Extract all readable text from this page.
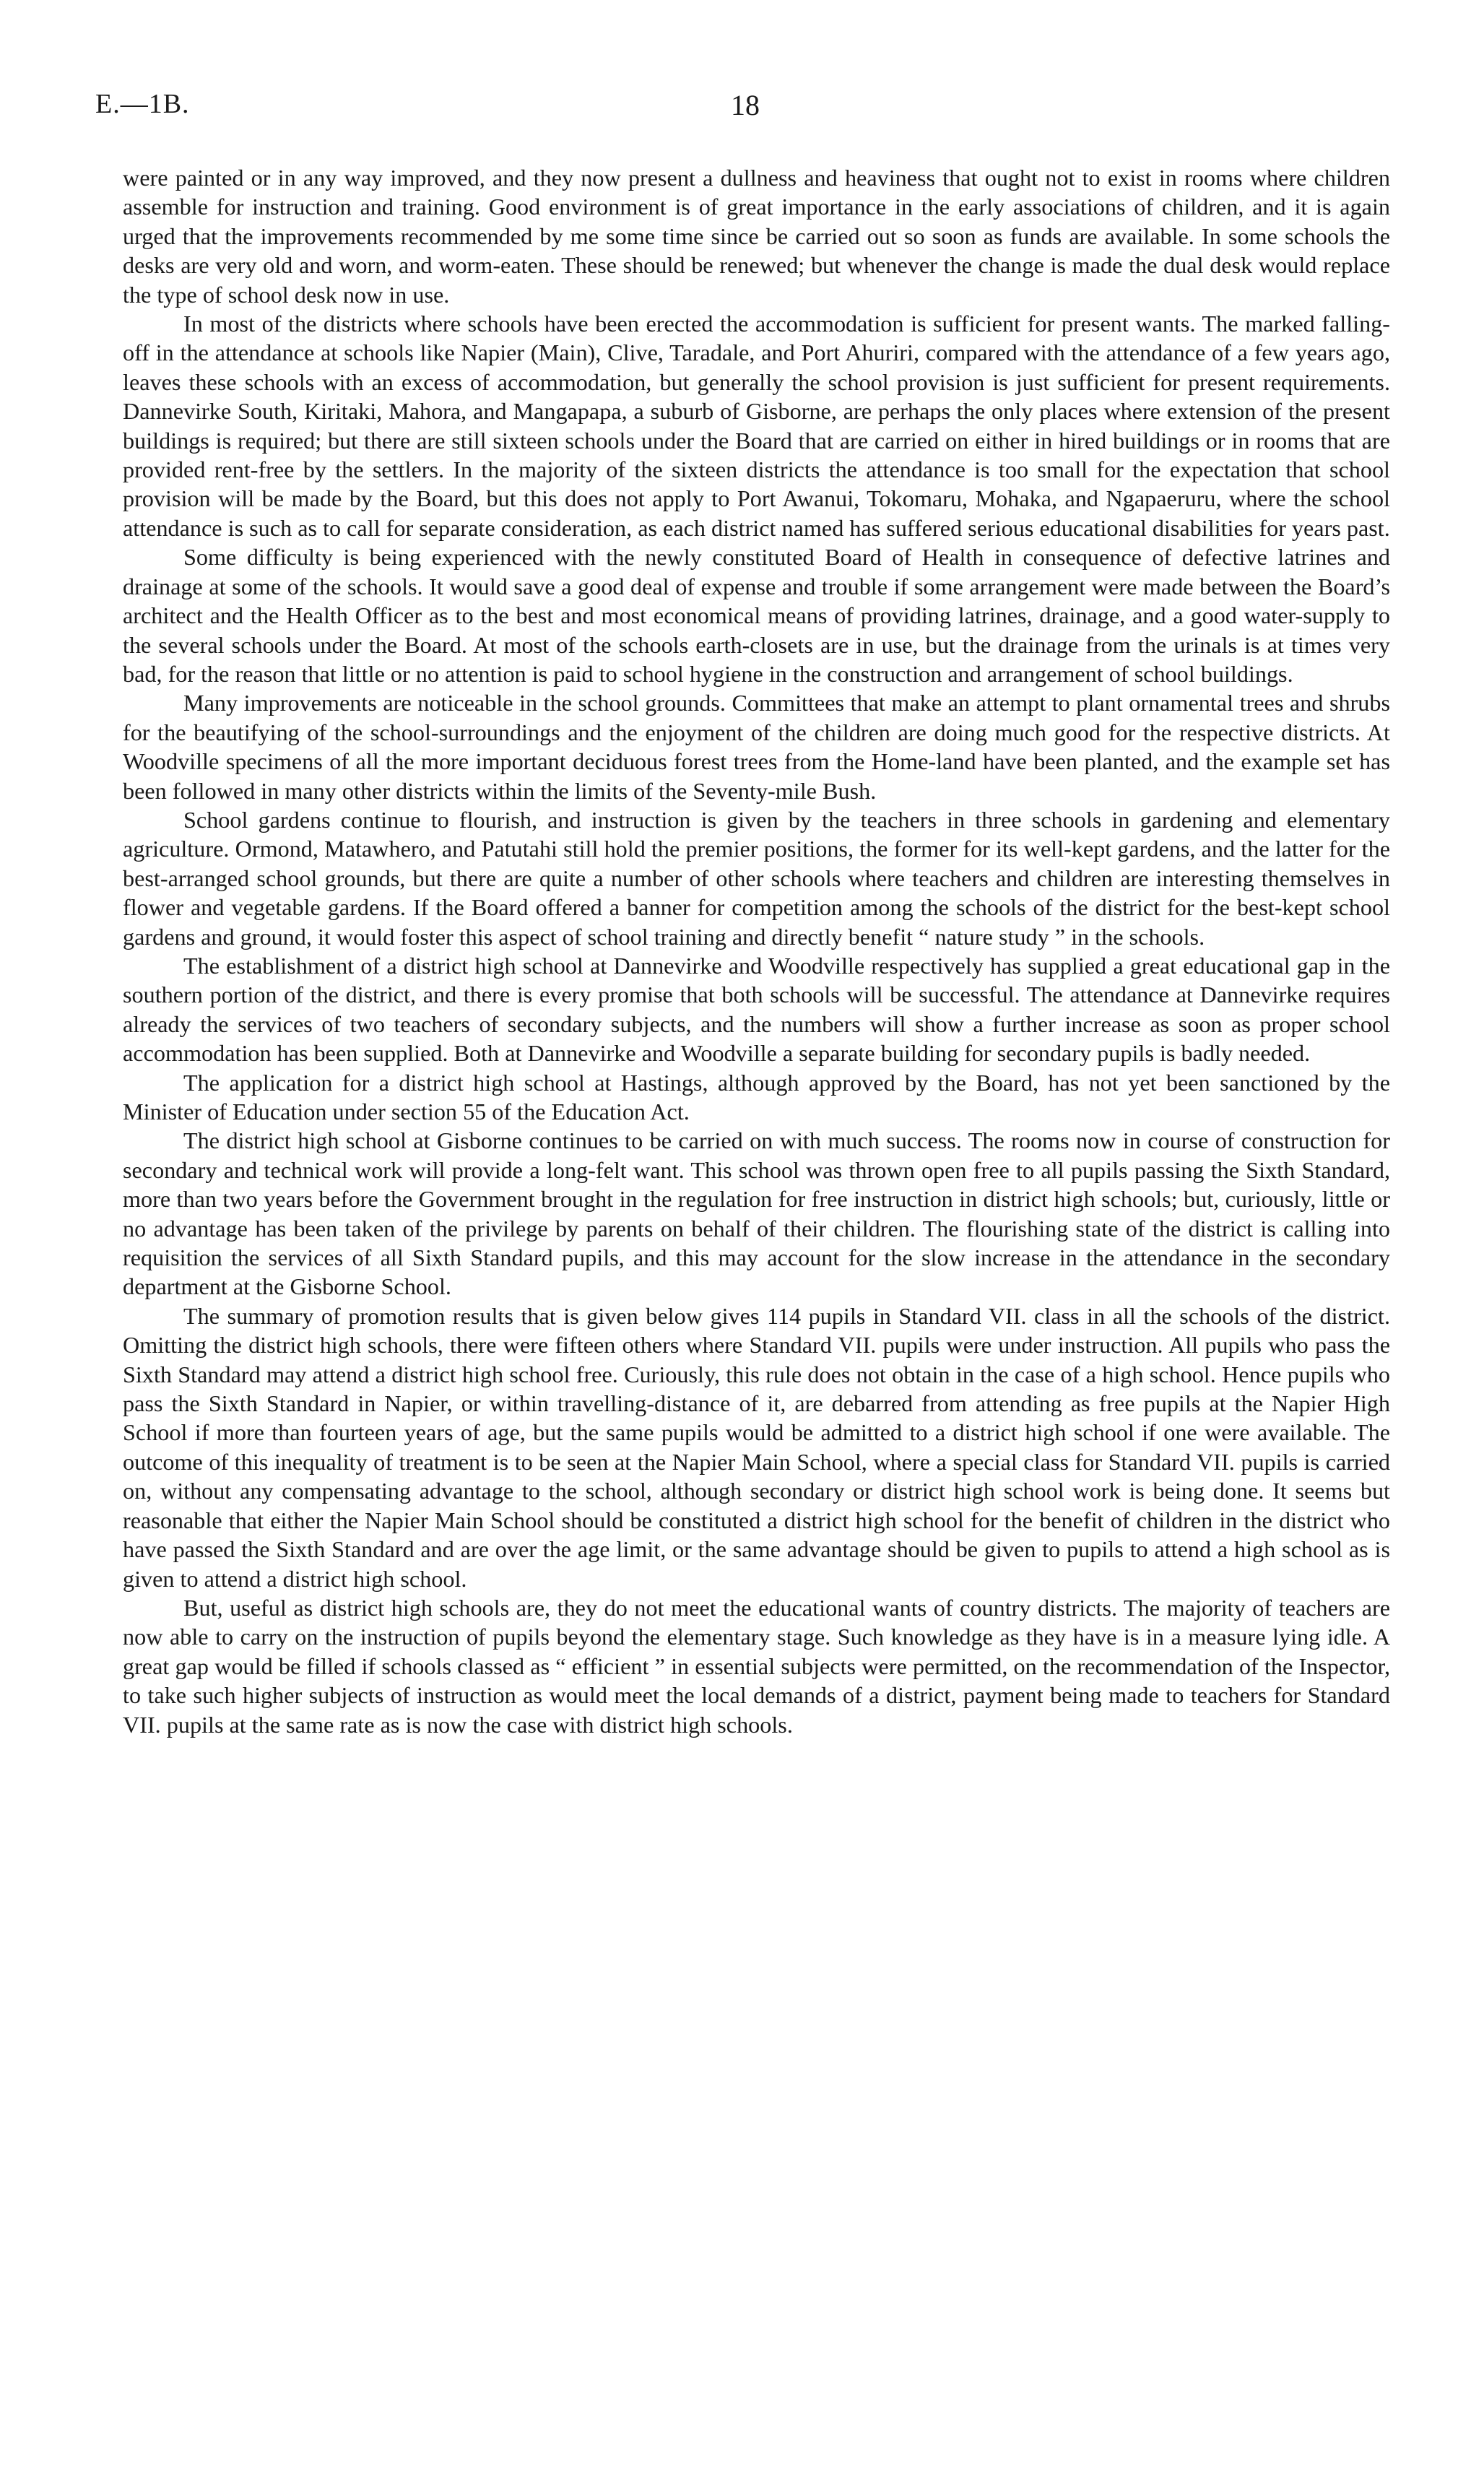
E.—1B.	18

were painted or in any way improved, and they now present a dullness and heaviness that ought not to exist in rooms where children assemble for instruction and training. Good environment is of great importance in the early associations of children, and it is again urged that the improvements recommended by me some time since be carried out so soon as funds are available. In some schools the desks are very old and worn, and worm-eaten. These should be renewed; but whenever the change is made the dual desk would replace the type of school desk now in use.

In most of the districts where schools have been erected the accommodation is sufficient for present wants. The marked falling-off in the attendance at schools like Napier (Main), Clive, Taradale, and Port Ahuriri, compared with the attendance of a few years ago, leaves these schools with an excess of accommodation, but generally the school provision is just sufficient for present requirements. Dannevirke South, Kiritaki, Mahora, and Mangapapa, a suburb of Gisborne, are perhaps the only places where extension of the present buildings is required; but there are still sixteen schools under the Board that are carried on either in hired buildings or in rooms that are provided rent-free by the settlers. In the majority of the sixteen districts the attendance is too small for the expectation that school provision will be made by the Board, but this does not apply to Port Awanui, Tokomaru, Mohaka, and Ngapaeruru, where the school attendance is such as to call for separate consideration, as each district named has suffered serious educational disabilities for years past.

Some difficulty is being experienced with the newly constituted Board of Health in consequence of defective latrines and drainage at some of the schools. It would save a good deal of expense and trouble if some arrangement were made between the Board’s architect and the Health Officer as to the best and most economical means of providing latrines, drainage, and a good water-supply to the several schools under the Board. At most of the schools earth-closets are in use, but the drainage from the urinals is at times very bad, for the reason that little or no attention is paid to school hygiene in the construction and arrangement of school buildings.

Many improvements are noticeable in the school grounds. Committees that make an attempt to plant ornamental trees and shrubs for the beautifying of the school-surroundings and the enjoyment of the children are doing much good for the respective districts. At Woodville specimens of all the more important deciduous forest trees from the Home-land have been planted, and the example set has been followed in many other districts within the limits of the Seventy-mile Bush.

School gardens continue to flourish, and instruction is given by the teachers in three schools in gardening and elementary agriculture. Ormond, Matawhero, and Patutahi still hold the premier positions, the former for its well-kept gardens, and the latter for the best-arranged school grounds, but there are quite a number of other schools where teachers and children are interesting themselves in flower and vegetable gardens. If the Board offered a banner for competition among the schools of the district for the best-kept school gardens and ground, it would foster this aspect of school training and directly benefit “ nature study ” in the schools.

The establishment of a district high school at Dannevirke and Woodville respectively has supplied a great educational gap in the southern portion of the district, and there is every promise that both schools will be successful. The attendance at Dannevirke requires already the services of two teachers of secondary subjects, and the numbers will show a further increase as soon as proper school accommodation has been supplied. Both at Dannevirke and Woodville a separate building for secondary pupils is badly needed.

The application for a district high school at Hastings, although approved by the Board, has not yet been sanctioned by the Minister of Education under section 55 of the Education Act.

The district high school at Gisborne continues to be carried on with much success. The rooms now in course of construction for secondary and technical work will provide a long-felt want. This school was thrown open free to all pupils passing the Sixth Standard, more than two years before the Government brought in the regulation for free instruction in district high schools; but, curiously, little or no advantage has been taken of the privilege by parents on behalf of their children. The flourishing state of the district is calling into requisition the services of all Sixth Standard pupils, and this may account for the slow increase in the attendance in the secondary department at the Gisborne School.

The summary of promotion results that is given below gives 114 pupils in Standard VII. class in all the schools of the district. Omitting the district high schools, there were fifteen others where Standard VII. pupils were under instruction. All pupils who pass the Sixth Standard may attend a district high school free. Curiously, this rule does not obtain in the case of a high school. Hence pupils who pass the Sixth Standard in Napier, or within travelling-distance of it, are debarred from attending as free pupils at the Napier High School if more than fourteen years of age, but the same pupils would be admitted to a district high school if one were available. The outcome of this inequality of treatment is to be seen at the Napier Main School, where a special class for Standard VII. pupils is carried on, without any compensating advantage to the school, although secondary or district high school work is being done. It seems but reasonable that either the Napier Main School should be constituted a district high school for the benefit of children in the district who have passed the Sixth Standard and are over the age limit, or the same advantage should be given to pupils to attend a high school as is given to attend a district high school.

But, useful as district high schools are, they do not meet the educational wants of country districts. The majority of teachers are now able to carry on the instruction of pupils beyond the elementary stage. Such knowledge as they have is in a measure lying idle. A great gap would be filled if schools classed as “ efficient ” in essential subjects were permitted, on the recommendation of the Inspector, to take such higher subjects of instruction as would meet the local demands of a district, payment being made to teachers for Standard VII. pupils at the same rate as is now the case with district high schools.
